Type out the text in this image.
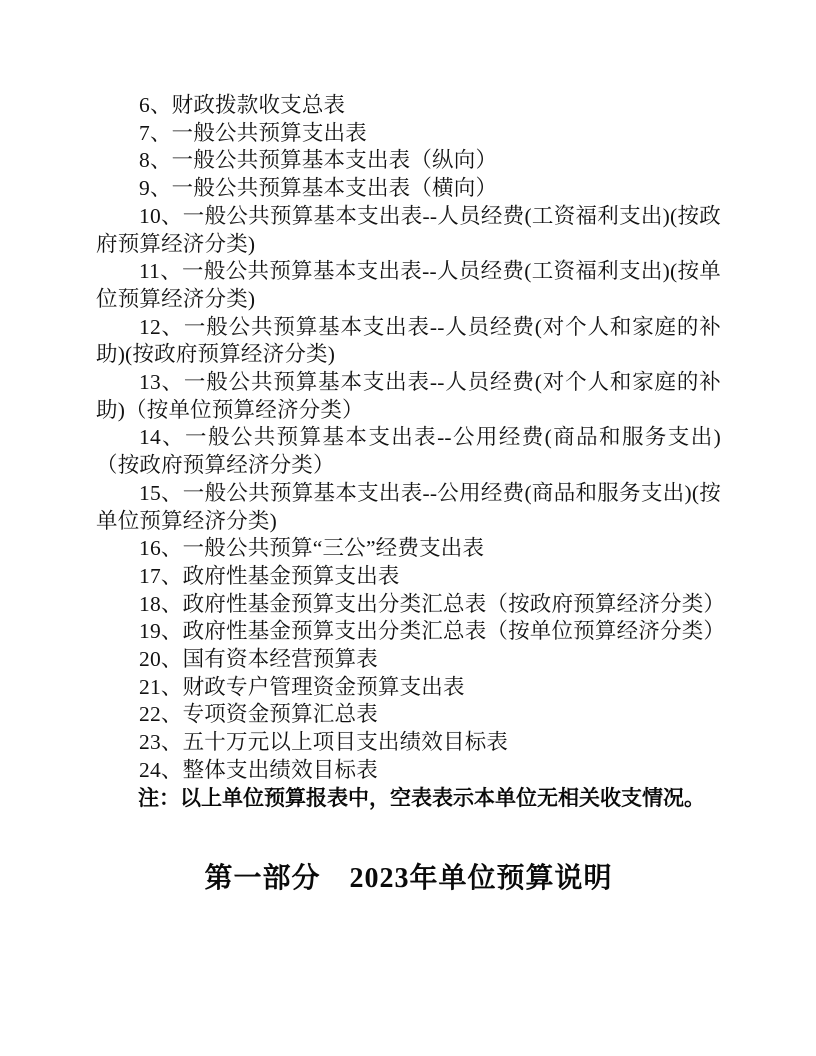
6、财政拨款收支总表

7、一般公共预算支出表

8、一般公共预算基本支出表（纵向）

9、一般公共预算基本支出表（横向）

10、一般公共预算基本支出表--人员经费(工资福利支出)(按政府预算经济分类)

11、一般公共预算基本支出表--人员经费(工资福利支出)(按单位预算经济分类)

12、一般公共预算基本支出表--人员经费(对个人和家庭的补助)(按政府预算经济分类)

13、一般公共预算基本支出表--人员经费(对个人和家庭的补助)（按单位预算经济分类）

14、一般公共预算基本支出表--公用经费(商品和服务支出)（按政府预算经济分类）

15、一般公共预算基本支出表--公用经费(商品和服务支出)(按单位预算经济分类)

16、一般公共预算“三公”经费支出表

17、政府性基金预算支出表

18、政府性基金预算支出分类汇总表（按政府预算经济分类）

19、政府性基金预算支出分类汇总表（按单位预算经济分类）

20、国有资本经营预算表

21、财政专户管理资金预算支出表

22、专项资金预算汇总表

23、五十万元以上项目支出绩效目标表

24、整体支出绩效目标表

注：以上单位预算报表中，空表表示本单位无相关收支情况。

第一部分　2023年单位预算说明
